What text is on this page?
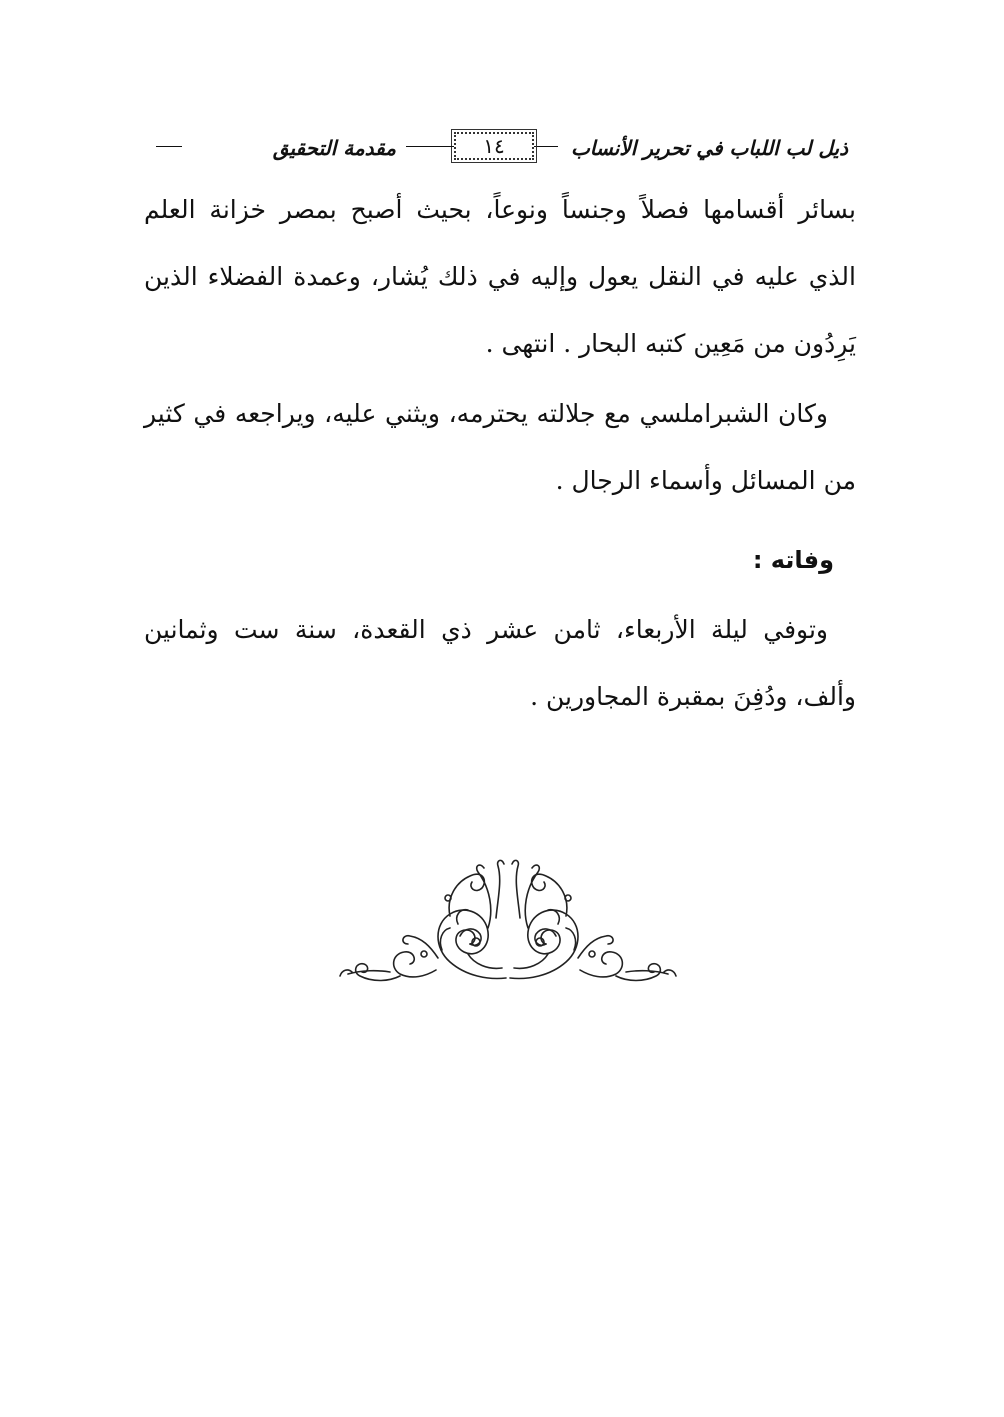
ذيل لب اللباب في تحرير الأنساب
١٤
مقدمة التحقيق

بسائر أقسامها فصلاً وجنساً ونوعاً، بحيث أصبح بمصر خزانة العلم الذي عليه في النقل يعول وإليه في ذلك يُشار، وعمدة الفضلاء الذين يَرِدُون من مَعِين كتبه البحار . انتهى .

وكان الشبراملسي مع جلالته يحترمه، ويثني عليه، ويراجعه في كثير من المسائل وأسماء الرجال .

وفاته :

وتوفي ليلة الأربعاء، ثامن عشر ذي القعدة، سنة ست وثمانين وألف، ودُفِنَ بمقبرة المجاورين .
